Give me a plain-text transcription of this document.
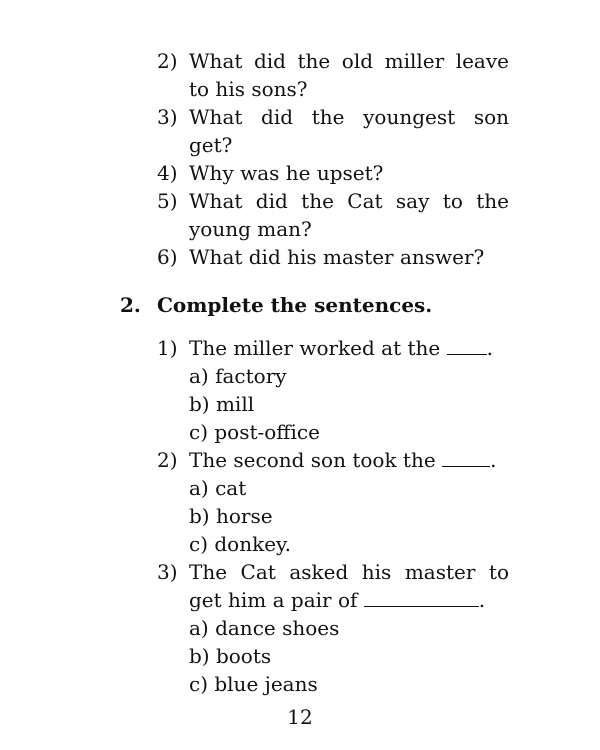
2) What did the old miller leave
to his sons?
3) What did the youngest son
get?
4) Why was he upset?
5) What did the Cat say to the
young man?
6) What did his master answer?
2. Complete the sentences.
1) The miller worked at the .
a) factory
b) mill
c) post-office
2) The second son took the	.
a) cat
b) horse
c) donkey.
3) The Cat asked his master to
get him a pair of	.
a) dance shoes
b) boots
c) blue jeans
12
